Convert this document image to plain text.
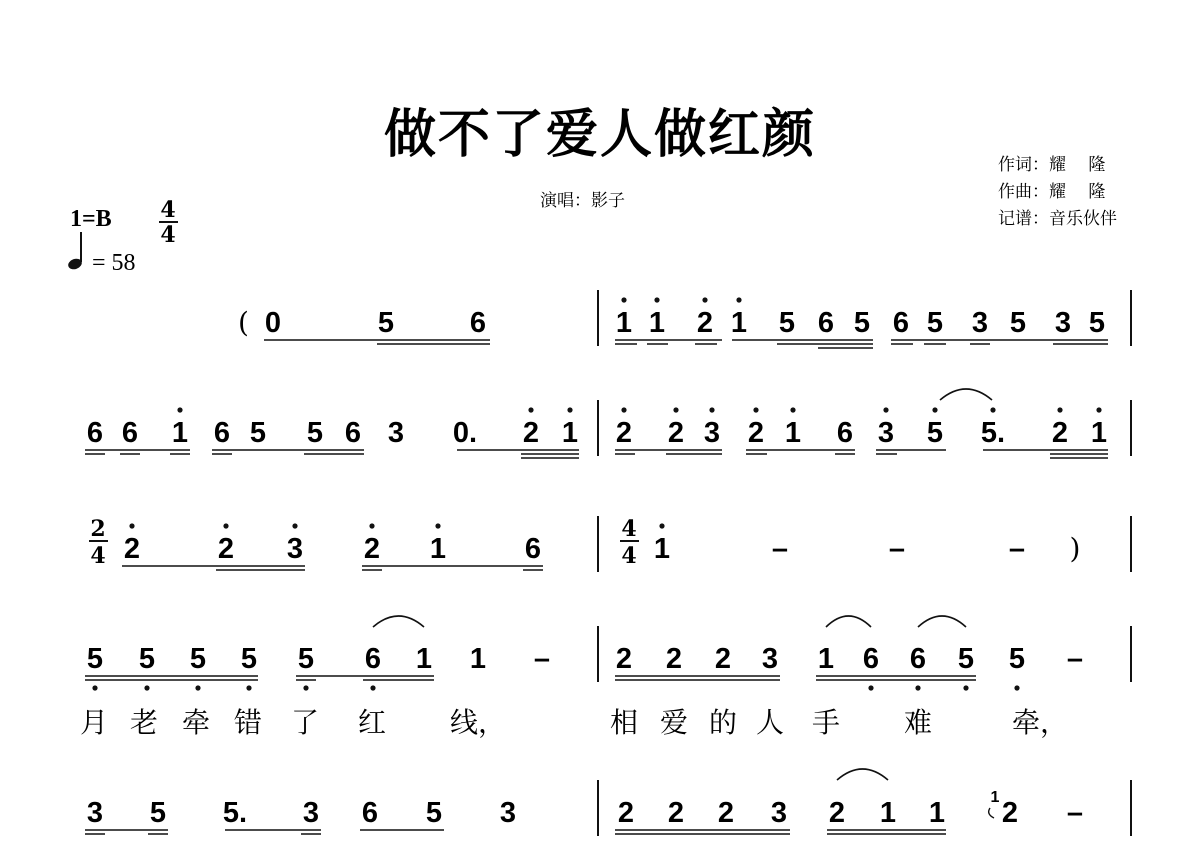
做不了爱人做红颜
演唱：影子
作词：耀　 隆
作曲：耀　 隆
记谱：音乐伙伴
1=B 4
4
= 58
( 0	5	6	1 1 2 1 5 6 5 6 5 3 5 3 5
6 6 1 6 5 5 6 3 0. 2 1 2 2 3 2 1 6 3 5 5. 2 1
2	2 3 2 1	6	1	–	–	– )
4
4
2
4
5 5 5 5 5 6 1 1 –
月 老 牵 错 了 红 线，
2 2 2 3 1 6 6 5 5 –
相 爱 的 人 手 难	牵，
3 5 5. 3 6 5 3	2 2 2 3 2 1 1 2 –
1
